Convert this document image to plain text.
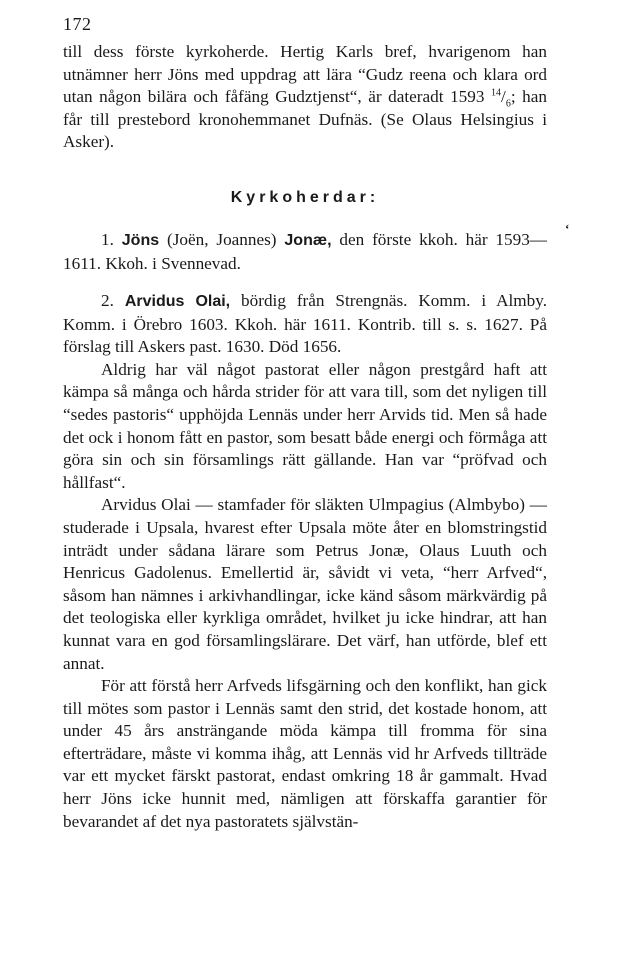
172
‘

till dess förste kyrkoherde. Hertig Karls bref, hvarigenom han utnämner herr Jöns med uppdrag att lära “Gudz reena och klara ord utan någon bilära och fåfäng Gudztjenst“, är dateradt 1593 $^{14}/_6$; han får till prestebord kronohemmanet Dufnäs. (Se Olaus Helsingius i Asker).

Kyrkoherdar:

1. Jöns (Joën, Joannes) Jonæ, den förste kkoh. här 1593—1611. Kkoh. i Svennevad.

2. Arvidus Olai, bördig från Strengnäs. Komm. i Almby. Komm. i Örebro 1603. Kkoh. här 1611. Kontrib. till s. s. 1627. På förslag till Askers past. 1630. Död 1656.

Aldrig har väl något pastorat eller någon prestgård haft att kämpa så många och hårda strider för att vara till, som det nyligen till “sedes pastoris“ upphöjda Lennäs under herr Arvids tid. Men så hade det ock i honom fått en pastor, som besatt både energi och förmåga att göra sin och sin församlings rätt gällande. Han var “pröfvad och hållfast“.

Arvidus Olai — stamfader för släkten Ulmpagius (Almbybo) — studerade i Upsala, hvarest efter Upsala möte åter en blomstringstid inträdt under sådana lärare som Petrus Jonæ, Olaus Luuth och Henricus Gadolenus. Emellertid är, såvidt vi veta, “herr Arfved“, såsom han nämnes i arkivhandlingar, icke känd såsom märkvärdig på det teologiska eller kyrkliga området, hvilket ju icke hindrar, att han kunnat vara en god församlingslärare. Det värf, han utförde, blef ett annat.

För att förstå herr Arfveds lifsgärning och den konflikt, han gick till mötes som pastor i Lennäs samt den strid, det kostade honom, att under 45 års ansträngande möda kämpa till fromma för sina efterträdare, måste vi komma ihåg, att Lennäs vid hr Arfveds tillträde var ett mycket färskt pastorat, endast omkring 18 år gammalt. Hvad herr Jöns icke hunnit med, nämligen att förskaffa garantier för bevarandet af det nya pastoratets självstän-
